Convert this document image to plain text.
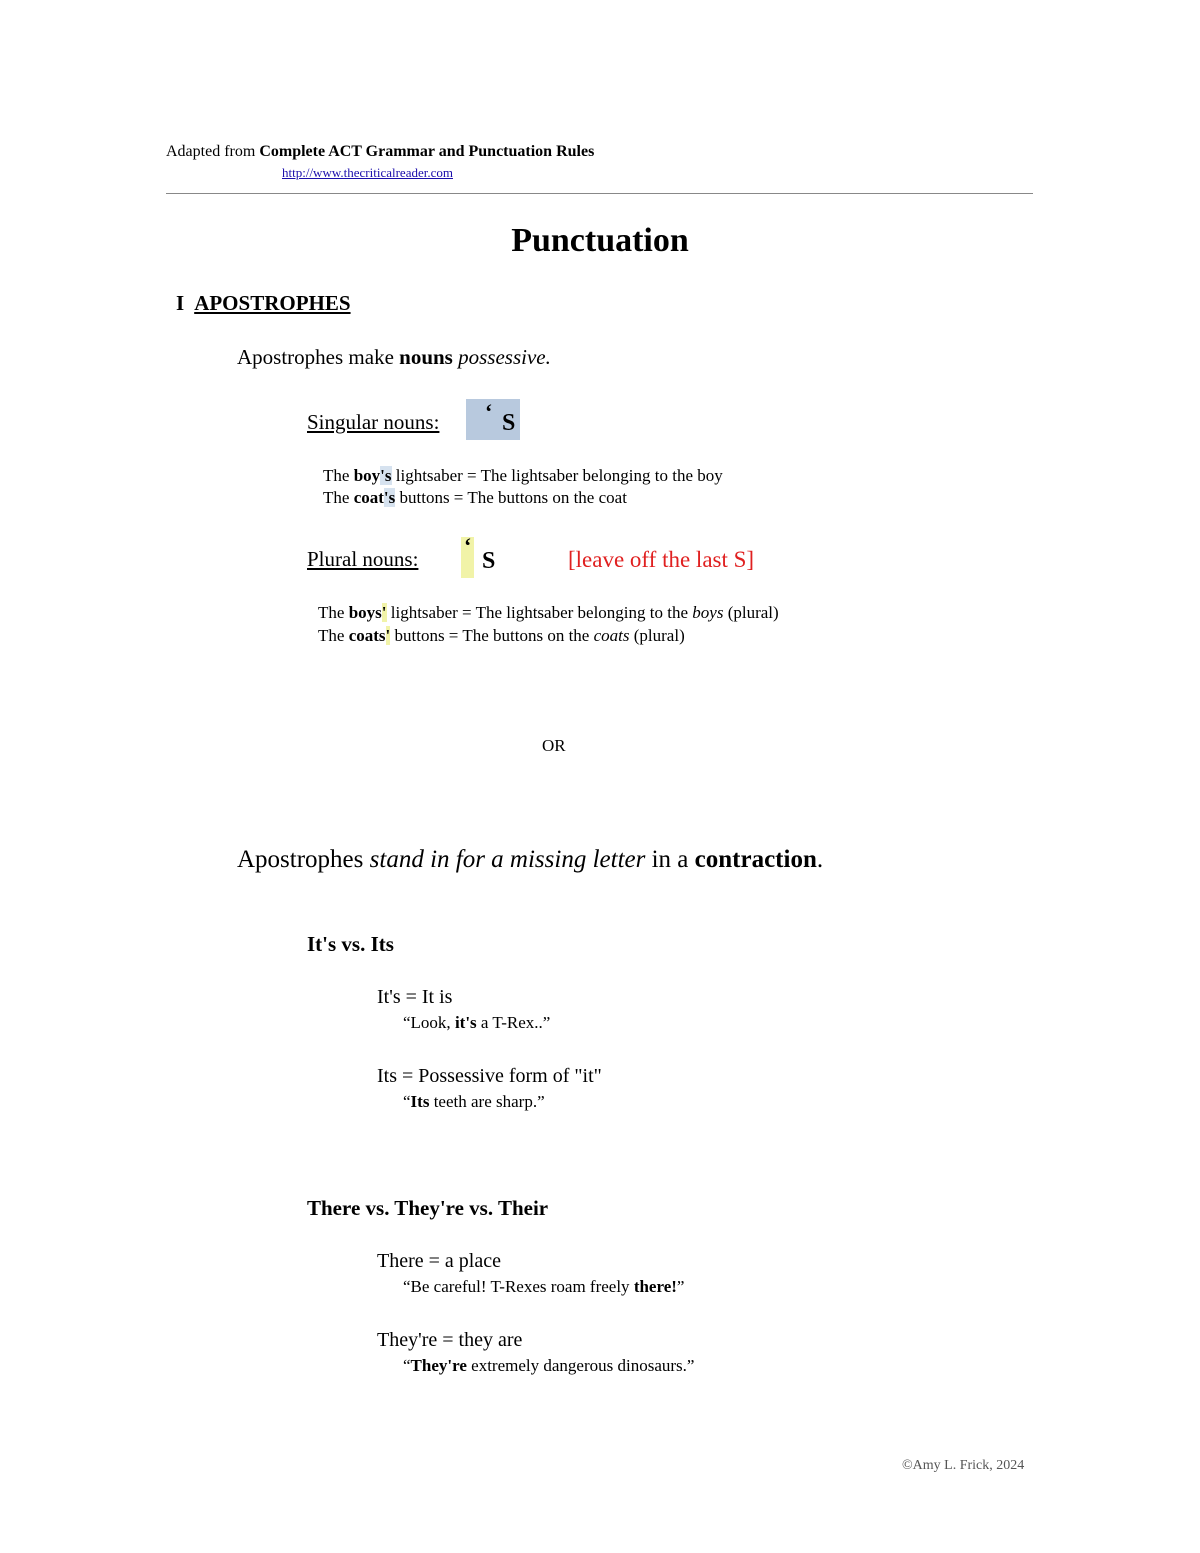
Adapted from Complete ACT Grammar and Punctuation Rules
http://www.thecriticalreader.com
Punctuation
I APOSTROPHES
Apostrophes make nouns possessive.
Singular nouns: ‘ S
The boy's lightsaber = The lightsaber belonging to the boy
The coat's buttons = The buttons on the coat
Plural nouns:
‘
S	[leave off the last S]
The boys' lightsaber = The lightsaber belonging to the boys (plural)
The coats' buttons = The buttons on the coats (plural)
OR
Apostrophes stand in for a missing letter in a contraction.
It's vs. Its
It's = It is
“Look, it's a T-Rex..”
Its = Possessive form of "it"
“Its teeth are sharp.”
There vs. They're vs. Their
There = a place
“Be careful! T-Rexes roam freely there!”
They're = they are
“They're extremely dangerous dinosaurs.”
©Amy L. Frick, 2024
